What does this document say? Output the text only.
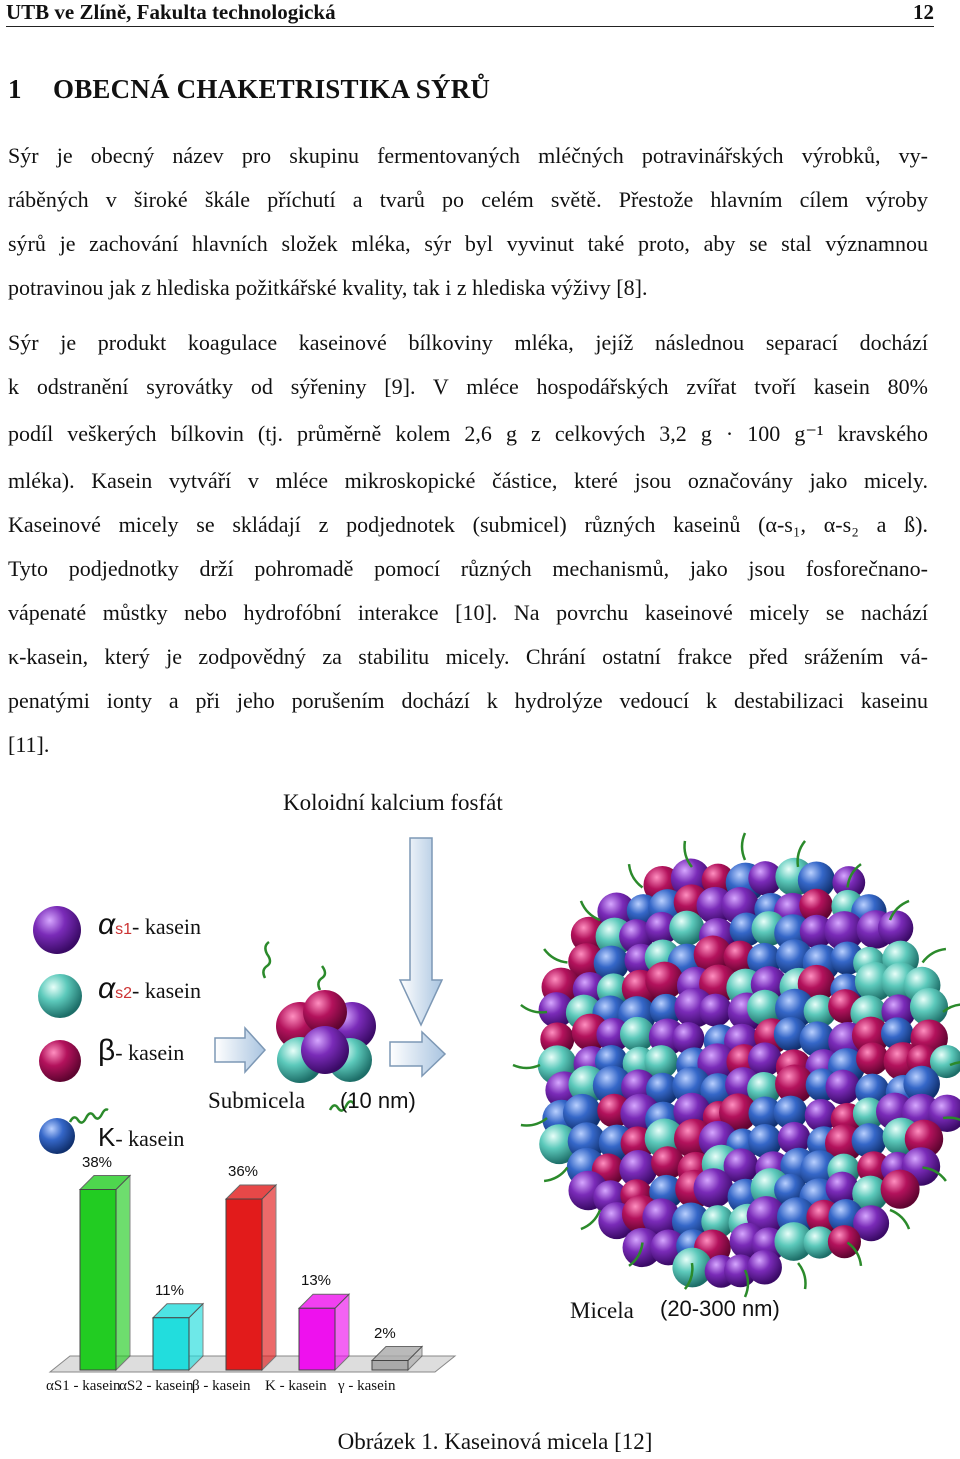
UTB ve Zlíně, Fakulta technologická	12
1 OBECNÁ CHAKETRISTIKA SÝRŮ
Sýr je obecný název pro skupinu fermentovaných mléčných potravinářských výrobků, vy-
ráběných v široké škále příchutí a tvarů po celém světě. Přestože hlavním cílem výroby
sýrů je zachování hlavních složek mléka, sýr byl vyvinut také proto, aby se stal významnou
potravinou jak z hlediska požitkářské kvality, tak i z hlediska výživy [8].
Sýr je produkt koagulace kaseinové bílkoviny mléka, jejíž následnou separací dochází
k odstranění syrovátky od sýřeniny [9]. V mléce hospodářských zvířat tvoří kasein 80%
podíl veškerých bílkovin (tj. průměrně kolem 2,6 g z celkových 3,2 g · 100 g⁻¹ kravského
mléka). Kasein vytváří v mléce mikroskopické částice, které jsou označovány jako micely.
Kaseinové micely se skládají z podjednotek (submicel) různých kaseinů (α-s₁, α-s₂ a ß).
Tyto podjednotky drží pohromadě pomocí různých mechanismů, jako jsou fosforečnano-
vápenaté můstky nebo hydrofóbní interakce [10]. Na povrchu kaseinové micely se nachází
κ-kasein, který je zodpovědný za stabilitu micely. Chrání ostatní frakce před srážením vá-
penatými ionty a při jeho porušením dochází k hydrolýze vedoucí k destabilizaci kaseinu
[11].
Koloidní kalcium fosfát
αs1- kasein
αs2- kasein
β- kasein
K- kasein
Submicela (10 nm)
Micela (20-300 nm)
38%
11%
36%
13%
2%
αS1 - kasein
αS2 - kasein
β - kasein K - kasein γ - kasein
Obrázek 1. Kaseinová micela [12]
